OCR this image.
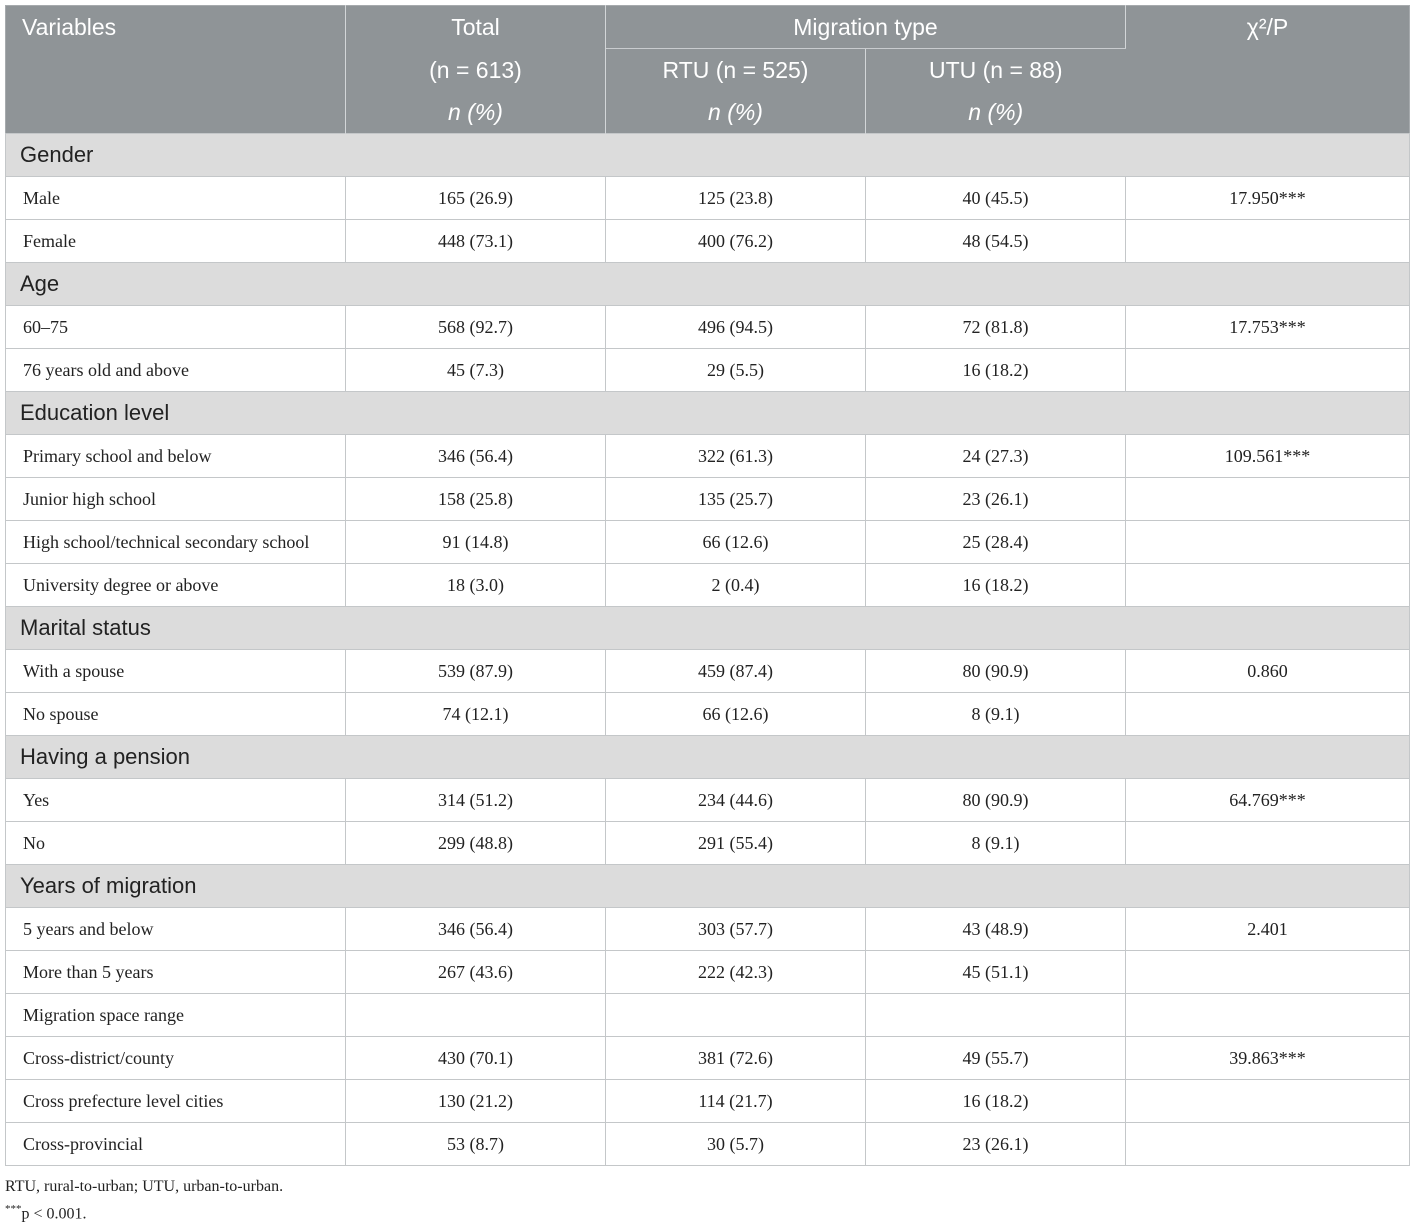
Variables	Total	Migration type		χ²/P
	(n = 613)	RTU (n = 525)	UTU (n = 88)	
	n (%)	n (%)	n (%)	
Gender				
Male	165 (26.9)	125 (23.8)	40 (45.5)	17.950***
Female	448 (73.1)	400 (76.2)	48 (54.5)	
Age				
60–75	568 (92.7)	496 (94.5)	72 (81.8)	17.753***
76 years old and above	45 (7.3)	29 (5.5)	16 (18.2)	
Education level				
Primary school and below	346 (56.4)	322 (61.3)	24 (27.3)	109.561***
Junior high school	158 (25.8)	135 (25.7)	23 (26.1)	
High school/technical secondary school	91 (14.8)	66 (12.6)	25 (28.4)	
University degree or above	18 (3.0)	2 (0.4)	16 (18.2)	
Marital status				
With a spouse	539 (87.9)	459 (87.4)	80 (90.9)	0.860
No spouse	74 (12.1)	66 (12.6)	8 (9.1)	
Having a pension				
Yes	314 (51.2)	234 (44.6)	80 (90.9)	64.769***
No	299 (48.8)	291 (55.4)	8 (9.1)	
Years of migration				
5 years and below	346 (56.4)	303 (57.7)	43 (48.9)	2.401
More than 5 years	267 (43.6)	222 (42.3)	45 (51.1)	
Migration space range				
Cross-district/county	430 (70.1)	381 (72.6)	49 (55.7)	39.863***
Cross prefecture level cities	130 (21.2)	114 (21.7)	16 (18.2)	
Cross-provincial	53 (8.7)	30 (5.7)	23 (26.1)	
RTU, rural-to-urban; UTU, urban-to-urban.
***p < 0.001.
